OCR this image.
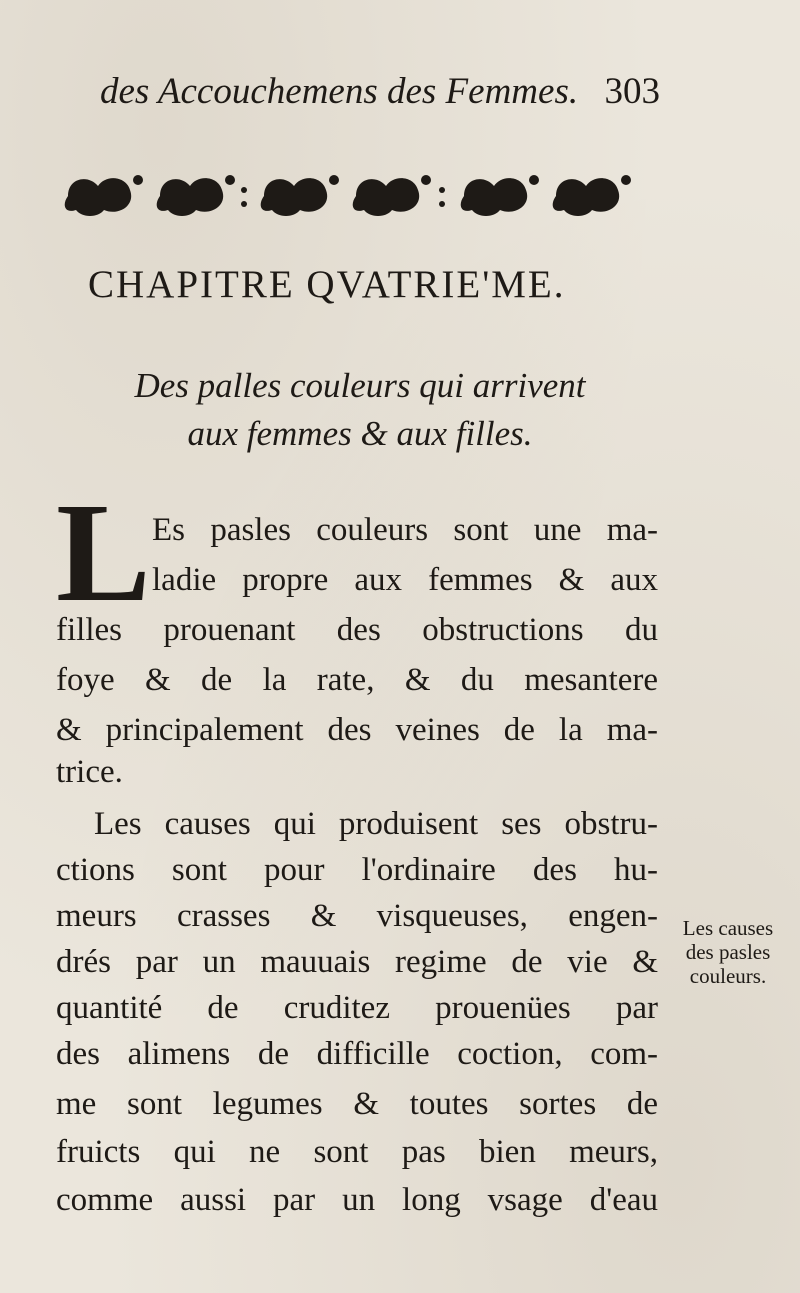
des Accouchemens des Femmes. 303
CHAPITRE QVATRIE'ME.
Des palles couleurs qui arrivent
aux femmes & aux filles.
L Es pasles couleurs sont une ma-
ladie propre aux femmes & aux
filles prouenant des obstructions du
foye & de la rate, & du mesantere
& principalement des veines de la ma-
trice.
Les causes qui produisent ses obstru-
ctions sont pour l'ordinaire des hu-
meurs crasses & visqueuses, engen-
drés par un mauuais regime de vie &
quantité de cruditez prouenües par
des alimens de difficille coction, com-
me sont legumes & toutes sortes de
fruicts qui ne sont pas bien meurs,
comme aussi par un long vsage d'eau
Les causes
des pasles
couleurs.
